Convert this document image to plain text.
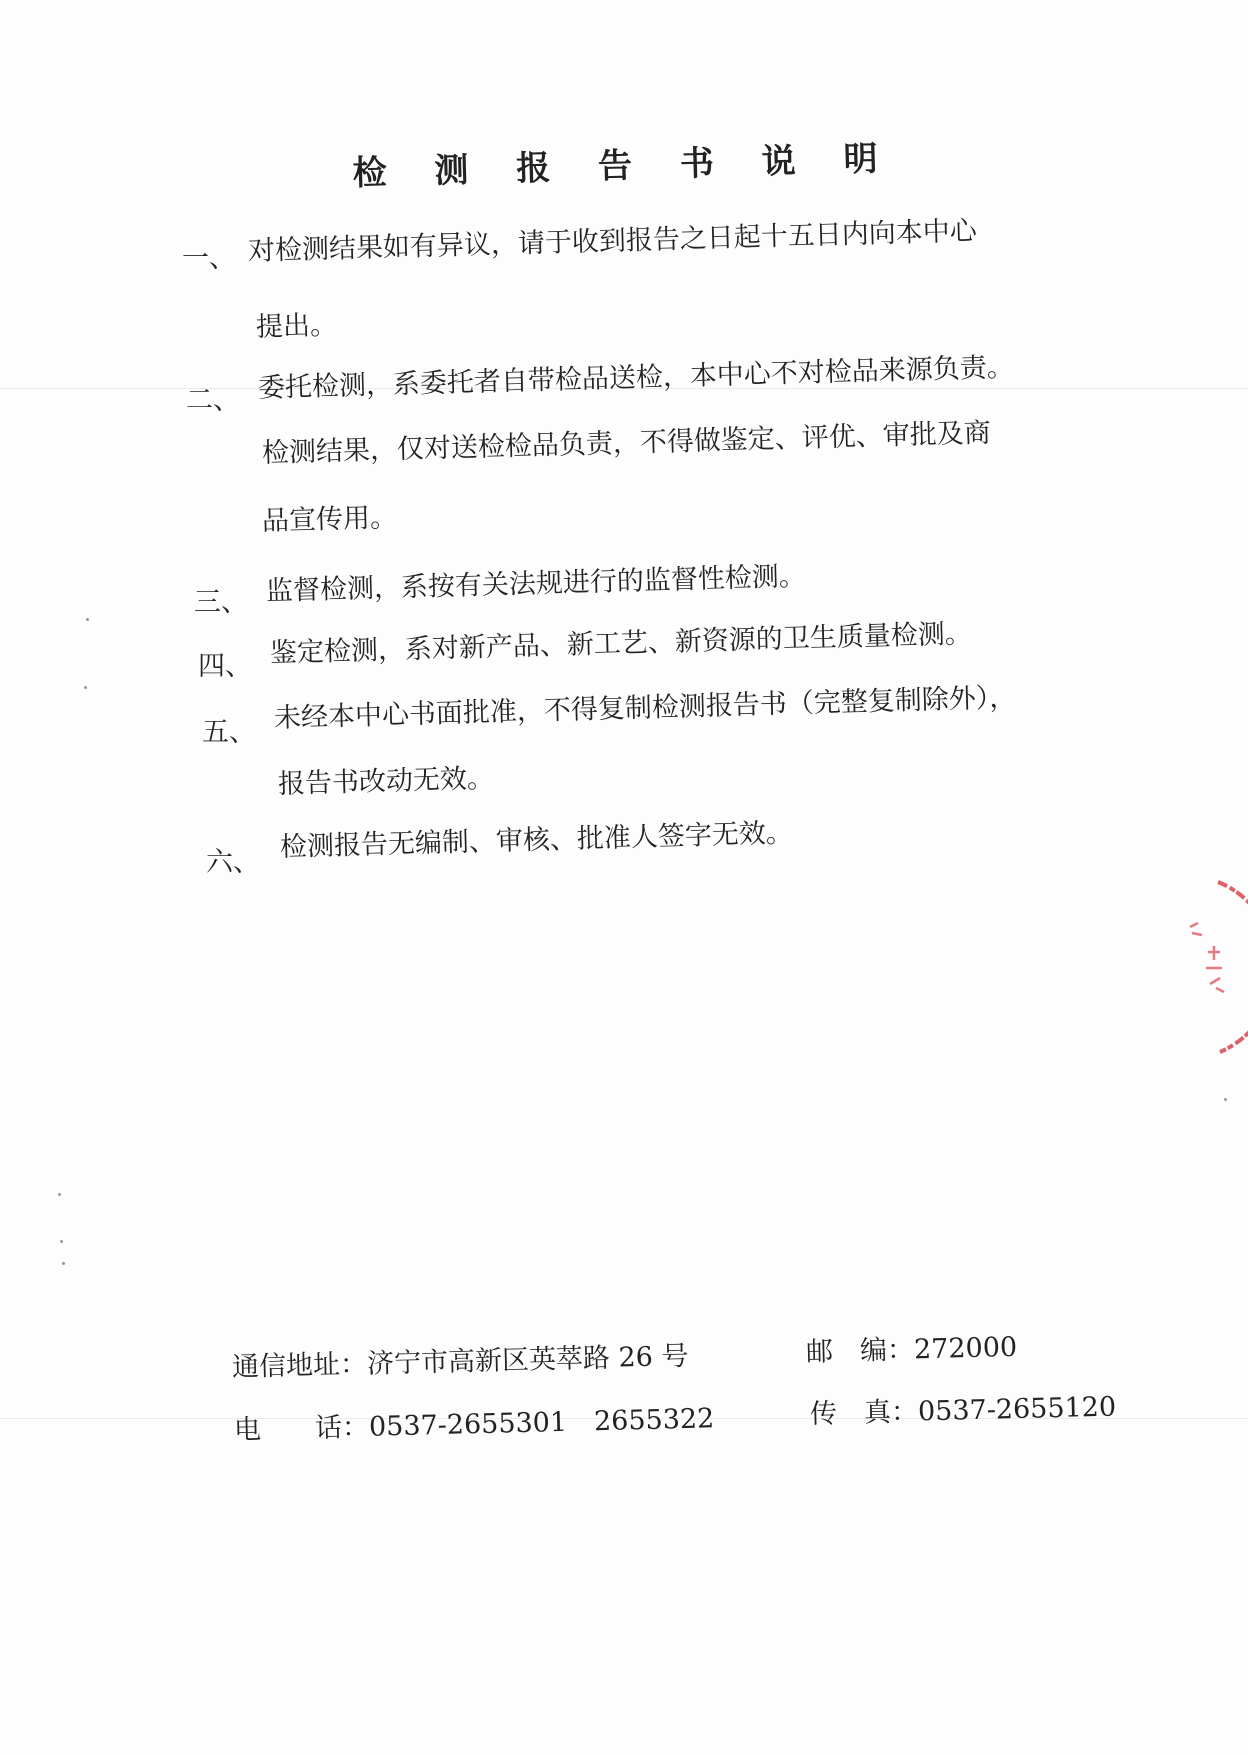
检 测 报 告 书 说 明
一、 对检测结果如有异议，请于收到报告之日起十五日内向本中心
提出。
二、 委托检测，系委托者自带检品送检，本中心不对检品来源负责。
检测结果，仅对送检检品负责，不得做鉴定、评优、审批及商
品宣传用。
三、 监督检测，系按有关法规进行的监督性检测。
四、 鉴定检测，系对新产品、新工艺、新资源的卫生质量检测。
五、 未经本中心书面批准，不得复制检测报告书（完整复制除外），
报告书改动无效。
六、 检测报告无编制、审核、批准人签字无效。
通信地址：济宁市高新区英萃路 26 号	邮　编：272000
电　　话：0537-2655301　2655322	传　真：0537-2655120
